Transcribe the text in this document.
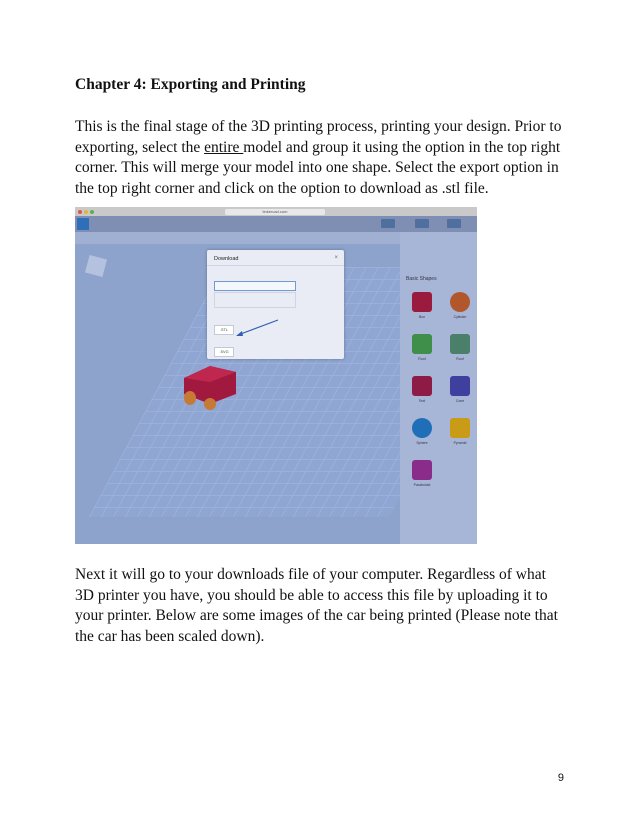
Chapter 4: Exporting and Printing
This is the final stage of the 3D printing process, printing your design. Prior to exporting, select the entire model and group it using the option in the top right corner. This will merge your model into one shape. Select the export option in the top right corner and click on the option to download as .stl file.
tinkercad.com
Basic Shapes
Box	Cylinder
Roof	Roof
Text	Cone
Sphere	Pyramid
Paraboloid
Download	×
.STL
.SVG
Next it will go to your downloads file of your computer. Regardless of what 3D printer you have, you should be able to access this file by uploading it to your printer. Below are some images of the car being printed (Please note that the car has been scaled down).
9
